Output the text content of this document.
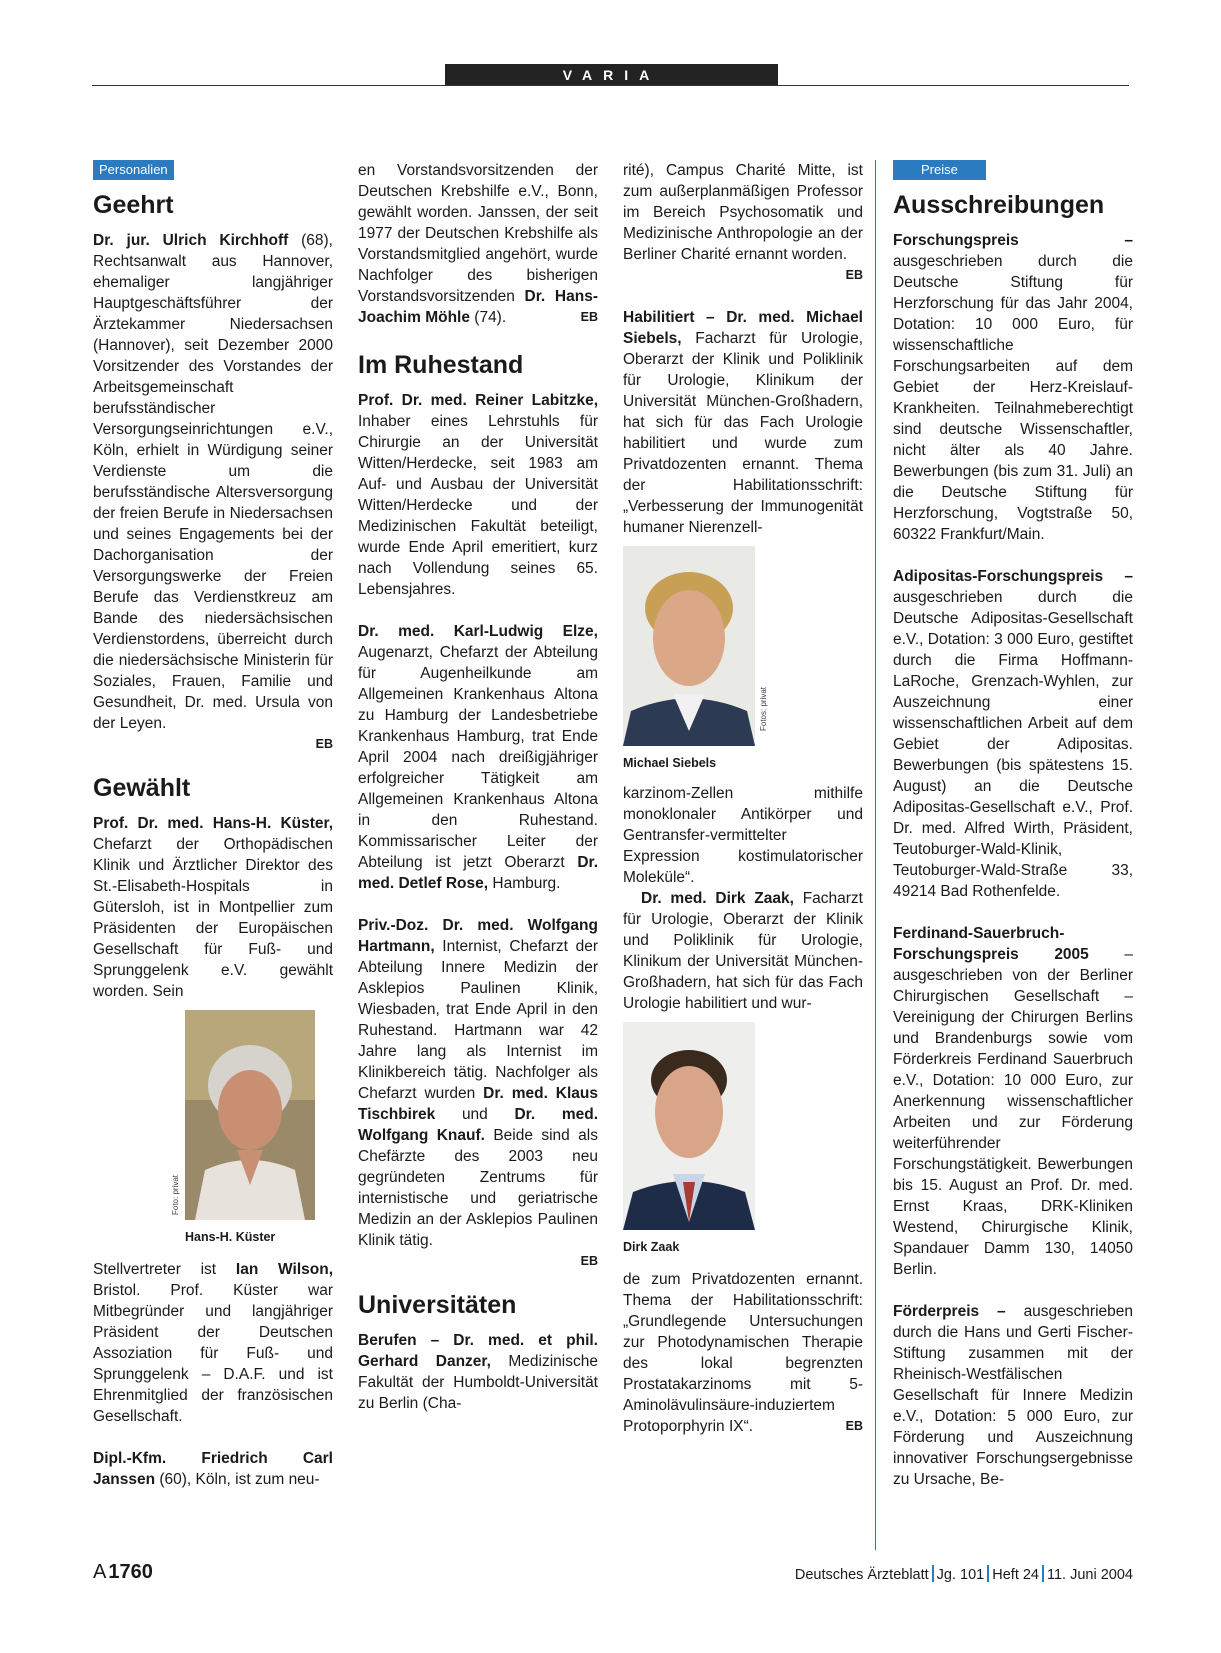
VARIA
Personalien
Geehrt

Dr. jur. Ulrich Kirchhoff (68), Rechtsanwalt aus Hannover, ehemaliger langjähriger Hauptgeschäftsführer der Ärztekammer Niedersachsen (Hannover), seit Dezember 2000 Vorsitzender des Vorstandes der Arbeitsgemeinschaft berufsständischer Versorgungseinrichtungen e.V., Köln, erhielt in Würdigung seiner Verdienste um die berufsständische Altersversorgung der freien Berufe in Niedersachsen und seines Engagements bei der Dachorganisation der Versorgungswerke der Freien Berufe das Verdienstkreuz am Bande des niedersächsischen Verdienstordens, überreicht durch die niedersächsische Ministerin für Soziales, Frauen, Familie und Gesundheit, Dr. med. Ursula von der Leyen.

EB

Gewählt

Prof. Dr. med. Hans-H. Küster, Chefarzt der Orthopädischen Klinik und Ärztlicher Direktor des St.-Elisabeth-Hospitals in Gütersloh, ist in Montpellier zum Präsidenten der Europäischen Gesellschaft für Fuß- und Sprunggelenk e.V. gewählt worden. Sein

Foto: privat
Hans-H. Küster

Stellvertreter ist Ian Wilson, Bristol. Prof. Küster war Mitbegründer und langjähriger Präsident der Deutschen Assoziation für Fuß- und Sprunggelenk – D.A.F. und ist Ehrenmitglied der französischen Gesellschaft.

Dipl.-Kfm. Friedrich Carl Janssen (60), Köln, ist zum neu-

en Vorstandsvorsitzenden der Deutschen Krebshilfe e.V., Bonn, gewählt worden. Janssen, der seit 1977 der Deutschen Krebshilfe als Vorstandsmitglied angehört, wurde Nachfolger des bisherigen Vorstandsvorsitzenden Dr. Hans-Joachim Möhle (74).	EB

Im Ruhestand

Prof. Dr. med. Reiner Labitzke, Inhaber eines Lehrstuhls für Chirurgie an der Universität Witten/Herdecke, seit 1983 am Auf- und Ausbau der Universität Witten/Herdecke und der Medizinischen Fakultät beteiligt, wurde Ende April emeritiert, kurz nach Vollendung seines 65. Lebensjahres.

Dr. med. Karl-Ludwig Elze, Augenarzt, Chefarzt der Abteilung für Augenheilkunde am Allgemeinen Krankenhaus Altona zu Hamburg der Landesbetriebe Krankenhaus Hamburg, trat Ende April 2004 nach dreißigjähriger erfolgreicher Tätigkeit am Allgemeinen Krankenhaus Altona in den Ruhestand. Kommissarischer Leiter der Abteilung ist jetzt Oberarzt Dr. med. Detlef Rose, Hamburg.

Priv.-Doz. Dr. med. Wolfgang Hartmann, Internist, Chefarzt der Abteilung Innere Medizin der Asklepios Paulinen Klinik, Wiesbaden, trat Ende April in den Ruhestand. Hartmann war 42 Jahre lang als Internist im Klinikbereich tätig. Nachfolger als Chefarzt wurden Dr. med. Klaus Tischbirek und Dr. med. Wolfgang Knauf. Beide sind als Chefärzte des 2003 neu gegründeten Zentrums für internistische und geriatrische Medizin an der Asklepios Paulinen Klinik tätig.

EB

Universitäten

Berufen – Dr. med. et phil. Gerhard Danzer, Medizinische Fakultät der Humboldt-Universität zu Berlin (Cha-

rité), Campus Charité Mitte, ist zum außerplanmäßigen Professor im Bereich Psychosomatik und Medizinische Anthropologie an der Berliner Charité ernannt worden.
EB

Habilitiert – Dr. med. Michael Siebels, Facharzt für Urologie, Oberarzt der Klinik und Poliklinik für Urologie, Klinikum der Universität München-Großhadern, hat sich für das Fach Urologie habilitiert und wurde zum Privatdozenten ernannt. Thema der Habilitationsschrift: „Verbesserung der Immunogenität humaner Nierenzell-

Fotos: privat
Michael Siebels

karzinom-Zellen mithilfe monoklonaler Antikörper und Gentransfer-vermittelter Expression kostimulatorischer Moleküle“.

Dr. med. Dirk Zaak, Facharzt für Urologie, Oberarzt der Klinik und Poliklinik für Urologie, Klinikum der Universität München-Großhadern, hat sich für das Fach Urologie habilitiert und wur-

Dirk Zaak

de zum Privatdozenten ernannt. Thema der Habilitationsschrift: „Grundlegende Untersuchungen zur Photodynamischen Therapie des lokal begrenzten Prostatakarzinoms mit 5-Aminolävulinsäure-induziertem Protoporphyrin IX“.	EB

Preise
Ausschreibungen

Forschungspreis – ausgeschrieben durch die Deutsche Stiftung für Herzforschung für das Jahr 2004, Dotation: 10 000 Euro, für wissenschaftliche Forschungsarbeiten auf dem Gebiet der Herz-Kreislauf-Krankheiten. Teilnahmeberechtigt sind deutsche Wissenschaftler, nicht älter als 40 Jahre. Bewerbungen (bis zum 31. Juli) an die Deutsche Stiftung für Herzforschung, Vogtstraße 50, 60322 Frankfurt/Main.

Adipositas-Forschungspreis – ausgeschrieben durch die Deutsche Adipositas-Gesellschaft e.V., Dotation: 3 000 Euro, gestiftet durch die Firma Hoffmann-LaRoche, Grenzach-Wyhlen, zur Auszeichnung einer wissenschaftlichen Arbeit auf dem Gebiet der Adipositas. Bewerbungen (bis spätestens 15. August) an die Deutsche Adipositas-Gesellschaft e.V., Prof. Dr. med. Alfred Wirth, Präsident, Teutoburger-Wald-Klinik, Teutoburger-Wald-Straße 33, 49214 Bad Rothenfelde.

Ferdinand-Sauerbruch-Forschungspreis 2005 – ausgeschrieben von der Berliner Chirurgischen Gesellschaft – Vereinigung der Chirurgen Berlins und Brandenburgs sowie vom Förderkreis Ferdinand Sauerbruch e.V., Dotation: 10 000 Euro, zur Anerkennung wissenschaftlicher Arbeiten und zur Förderung weiterführender Forschungstätigkeit. Bewerbungen bis 15. August an Prof. Dr. med. Ernst Kraas, DRK-Kliniken Westend, Chirurgische Klinik, Spandauer Damm 130, 14050 Berlin.

Förderpreis – ausgeschrieben durch die Hans und Gerti Fischer-Stiftung zusammen mit der Rheinisch-Westfälischen Gesellschaft für Innere Medizin e.V., Dotation: 5 000 Euro, zur Förderung und Auszeichnung innovativer Forschungsergebnisse zu Ursache, Be-

A 1760	Deutsches Ärzteblatt Jg. 101 Heft 24 11. Juni 2004
